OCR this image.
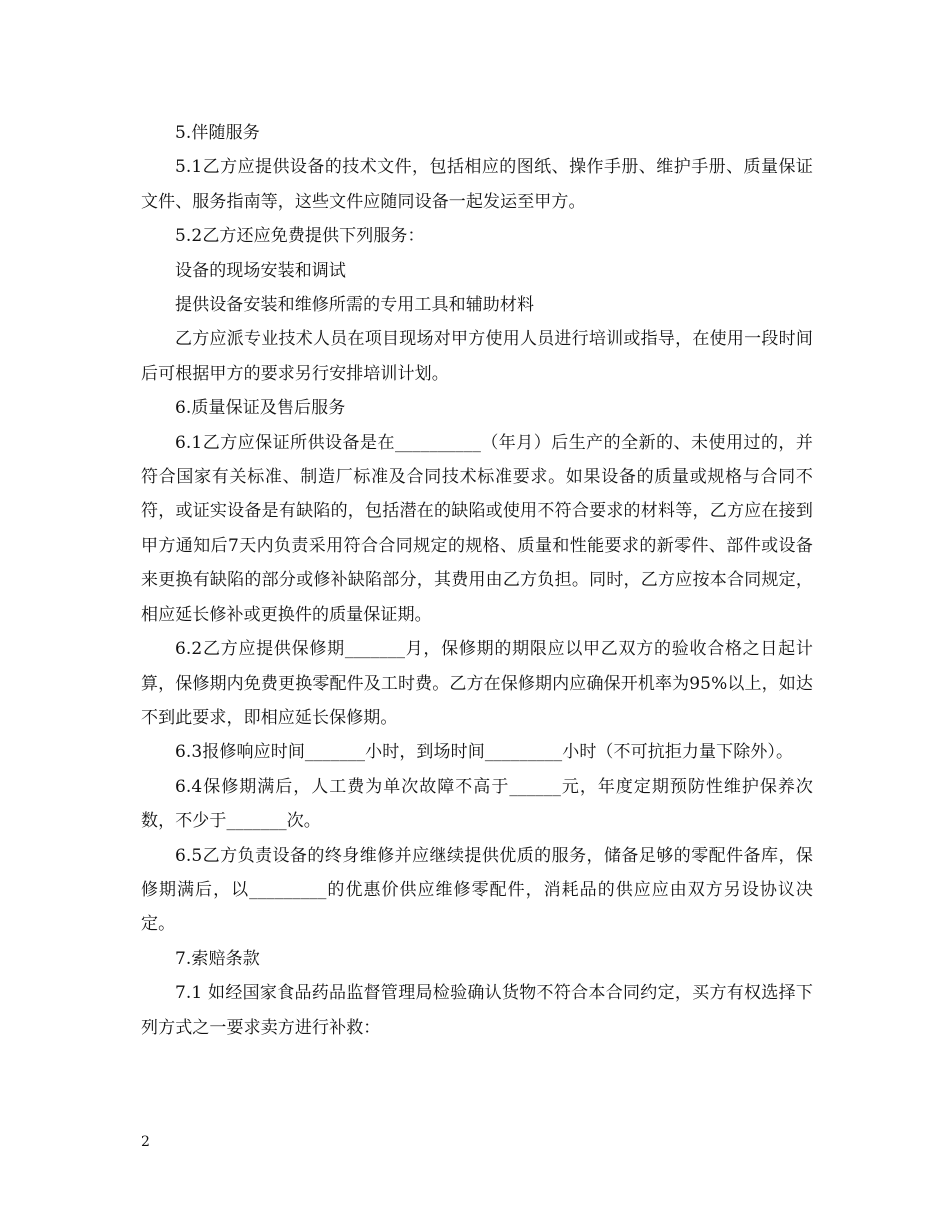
5.伴随服务

5.1乙方应提供设备的技术文件，包括相应的图纸、操作手册、维护手册、质量保证文件、服务指南等，这些文件应随同设备一起发运至甲方。

5.2乙方还应免费提供下列服务：

设备的现场安装和调试

提供设备安装和维修所需的专用工具和辅助材料

乙方应派专业技术人员在项目现场对甲方使用人员进行培训或指导，在使用一段时间后可根据甲方的要求另行安排培训计划。

6.质量保证及售后服务

6.1乙方应保证所供设备是在__________（年月）后生产的全新的、未使用过的，并符合国家有关标准、制造厂标准及合同技术标准要求。如果设备的质量或规格与合同不符，或证实设备是有缺陷的，包括潜在的缺陷或使用不符合要求的材料等，乙方应在接到甲方通知后7天内负责采用符合合同规定的规格、质量和性能要求的新零件、部件或设备来更换有缺陷的部分或修补缺陷部分，其费用由乙方负担。同时，乙方应按本合同规定，相应延长修补或更换件的质量保证期。

6.2乙方应提供保修期_______月，保修期的期限应以甲乙双方的验收合格之日起计算，保修期内免费更换零配件及工时费。乙方在保修期内应确保开机率为95%以上，如达不到此要求，即相应延长保修期。

6.3报修响应时间_______小时，到场时间_________小时（不可抗拒力量下除外）。

6.4保修期满后，人工费为单次故障不高于______元，年度定期预防性维护保养次数，不少于_______次。

6.5乙方负责设备的终身维修并应继续提供优质的服务，储备足够的零配件备库，保修期满后，以_________的优惠价供应维修零配件，消耗品的供应应由双方另设协议决定。

7.索赔条款

7.1 如经国家食品药品监督管理局检验确认货物不符合本合同约定，买方有权选择下列方式之一要求卖方进行补救：

2
